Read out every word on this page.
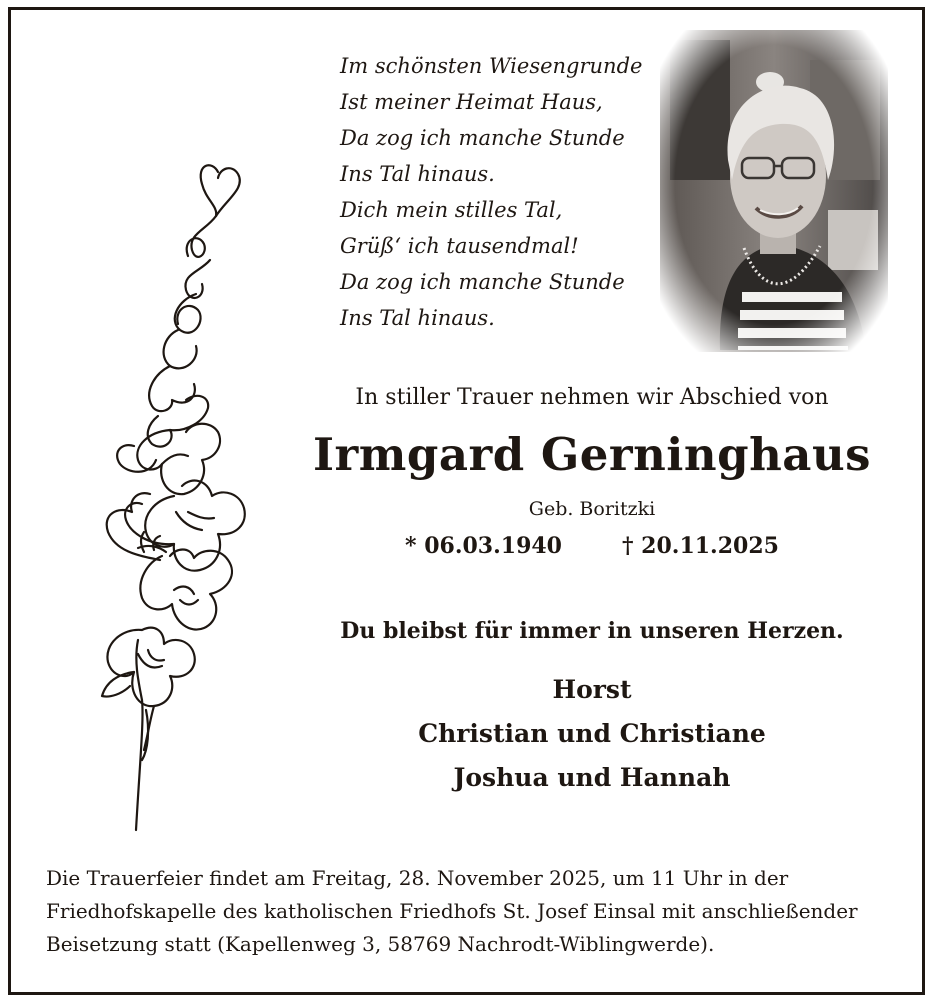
Im schönsten Wiesengrunde
Ist meiner Heimat Haus,
Da zog ich manche Stunde
Ins Tal hinaus.
Dich mein stilles Tal,
Grüß‘ ich tausendmal!
Da zog ich manche Stunde
Ins Tal hinaus.
In stiller Trauer nehmen wir Abschied von
Irmgard Gerninghaus
Geb. Boritzki
* 06.03.1940	† 20.11.2025
Du bleibst für immer in unseren Herzen.
Horst
Christian und Christiane
Joshua und Hannah

Die Trauerfeier findet am Freitag, 28. November 2025, um 11 Uhr in der
Friedhofskapelle des katholischen Friedhofs St. Josef Einsal mit anschließender
Beisetzung statt (Kapellenweg 3, 58769 Nachrodt-Wiblingwerde).
